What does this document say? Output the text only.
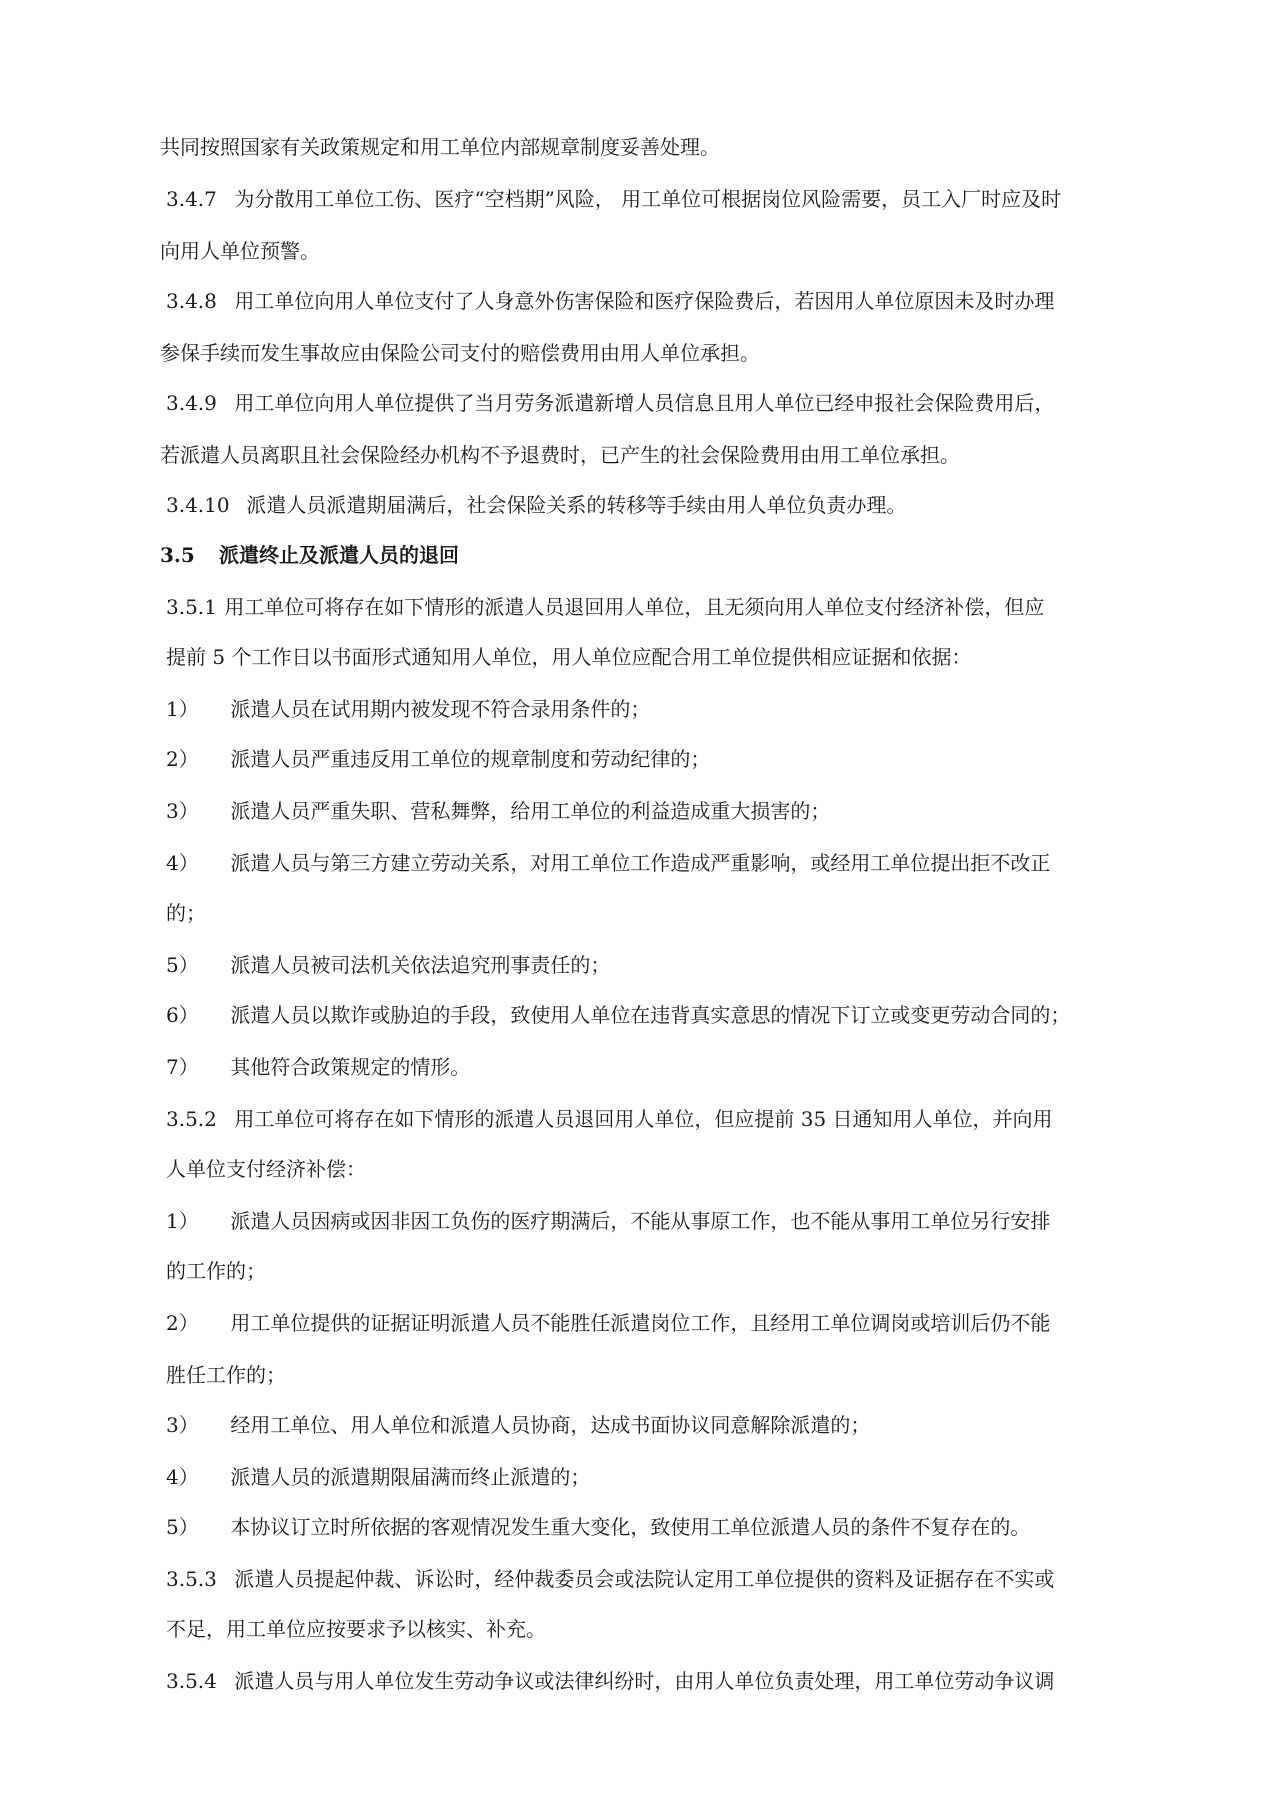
共同按照国家有关政策规定和用工单位内部规章制度妥善处理。
3.4.7 为分散用工单位工伤、医疗“空档期”风险， 用工单位可根据岗位风险需要，员工入厂时应及时
向用人单位预警。
3.4.8 用工单位向用人单位支付了人身意外伤害保险和医疗保险费后，若因用人单位原因未及时办理
参保手续而发生事故应由保险公司支付的赔偿费用由用人单位承担。
3.4.9 用工单位向用人单位提供了当月劳务派遣新增人员信息且用人单位已经申报社会保险费用后，
若派遣人员离职且社会保险经办机构不予退费时，已产生的社会保险费用由用工单位承担。
3.4.10 派遣人员派遣期届满后，社会保险关系的转移等手续由用人单位负责办理。
3.5 派遣终止及派遣人员的退回
3.5.1 用工单位可将存在如下情形的派遣人员退回用人单位，且无须向用人单位支付经济补偿，但应
提前 5 个工作日以书面形式通知用人单位，用人单位应配合用工单位提供相应证据和依据：
1） 派遣人员在试用期内被发现不符合录用条件的；
2） 派遣人员严重违反用工单位的规章制度和劳动纪律的；
3） 派遣人员严重失职、营私舞弊，给用工单位的利益造成重大损害的；
4） 派遣人员与第三方建立劳动关系，对用工单位工作造成严重影响，或经用工单位提出拒不改正
的；
5） 派遣人员被司法机关依法追究刑事责任的；
6） 派遣人员以欺诈或胁迫的手段，致使用人单位在违背真实意思的情况下订立或变更劳动合同的；
7） 其他符合政策规定的情形。
3.5.2 用工单位可将存在如下情形的派遣人员退回用人单位，但应提前 35 日通知用人单位，并向用
人单位支付经济补偿：
1） 派遣人员因病或因非因工负伤的医疗期满后，不能从事原工作，也不能从事用工单位另行安排
的工作的；
2） 用工单位提供的证据证明派遣人员不能胜任派遣岗位工作，且经用工单位调岗或培训后仍不能
胜任工作的；
3） 经用工单位、用人单位和派遣人员协商，达成书面协议同意解除派遣的；
4） 派遣人员的派遣期限届满而终止派遣的；
5） 本协议订立时所依据的客观情况发生重大变化，致使用工单位派遣人员的条件不复存在的。
3.5.3 派遣人员提起仲裁、诉讼时，经仲裁委员会或法院认定用工单位提供的资料及证据存在不实或
不足，用工单位应按要求予以核实、补充。
3.5.4 派遣人员与用人单位发生劳动争议或法律纠纷时，由用人单位负责处理，用工单位劳动争议调
